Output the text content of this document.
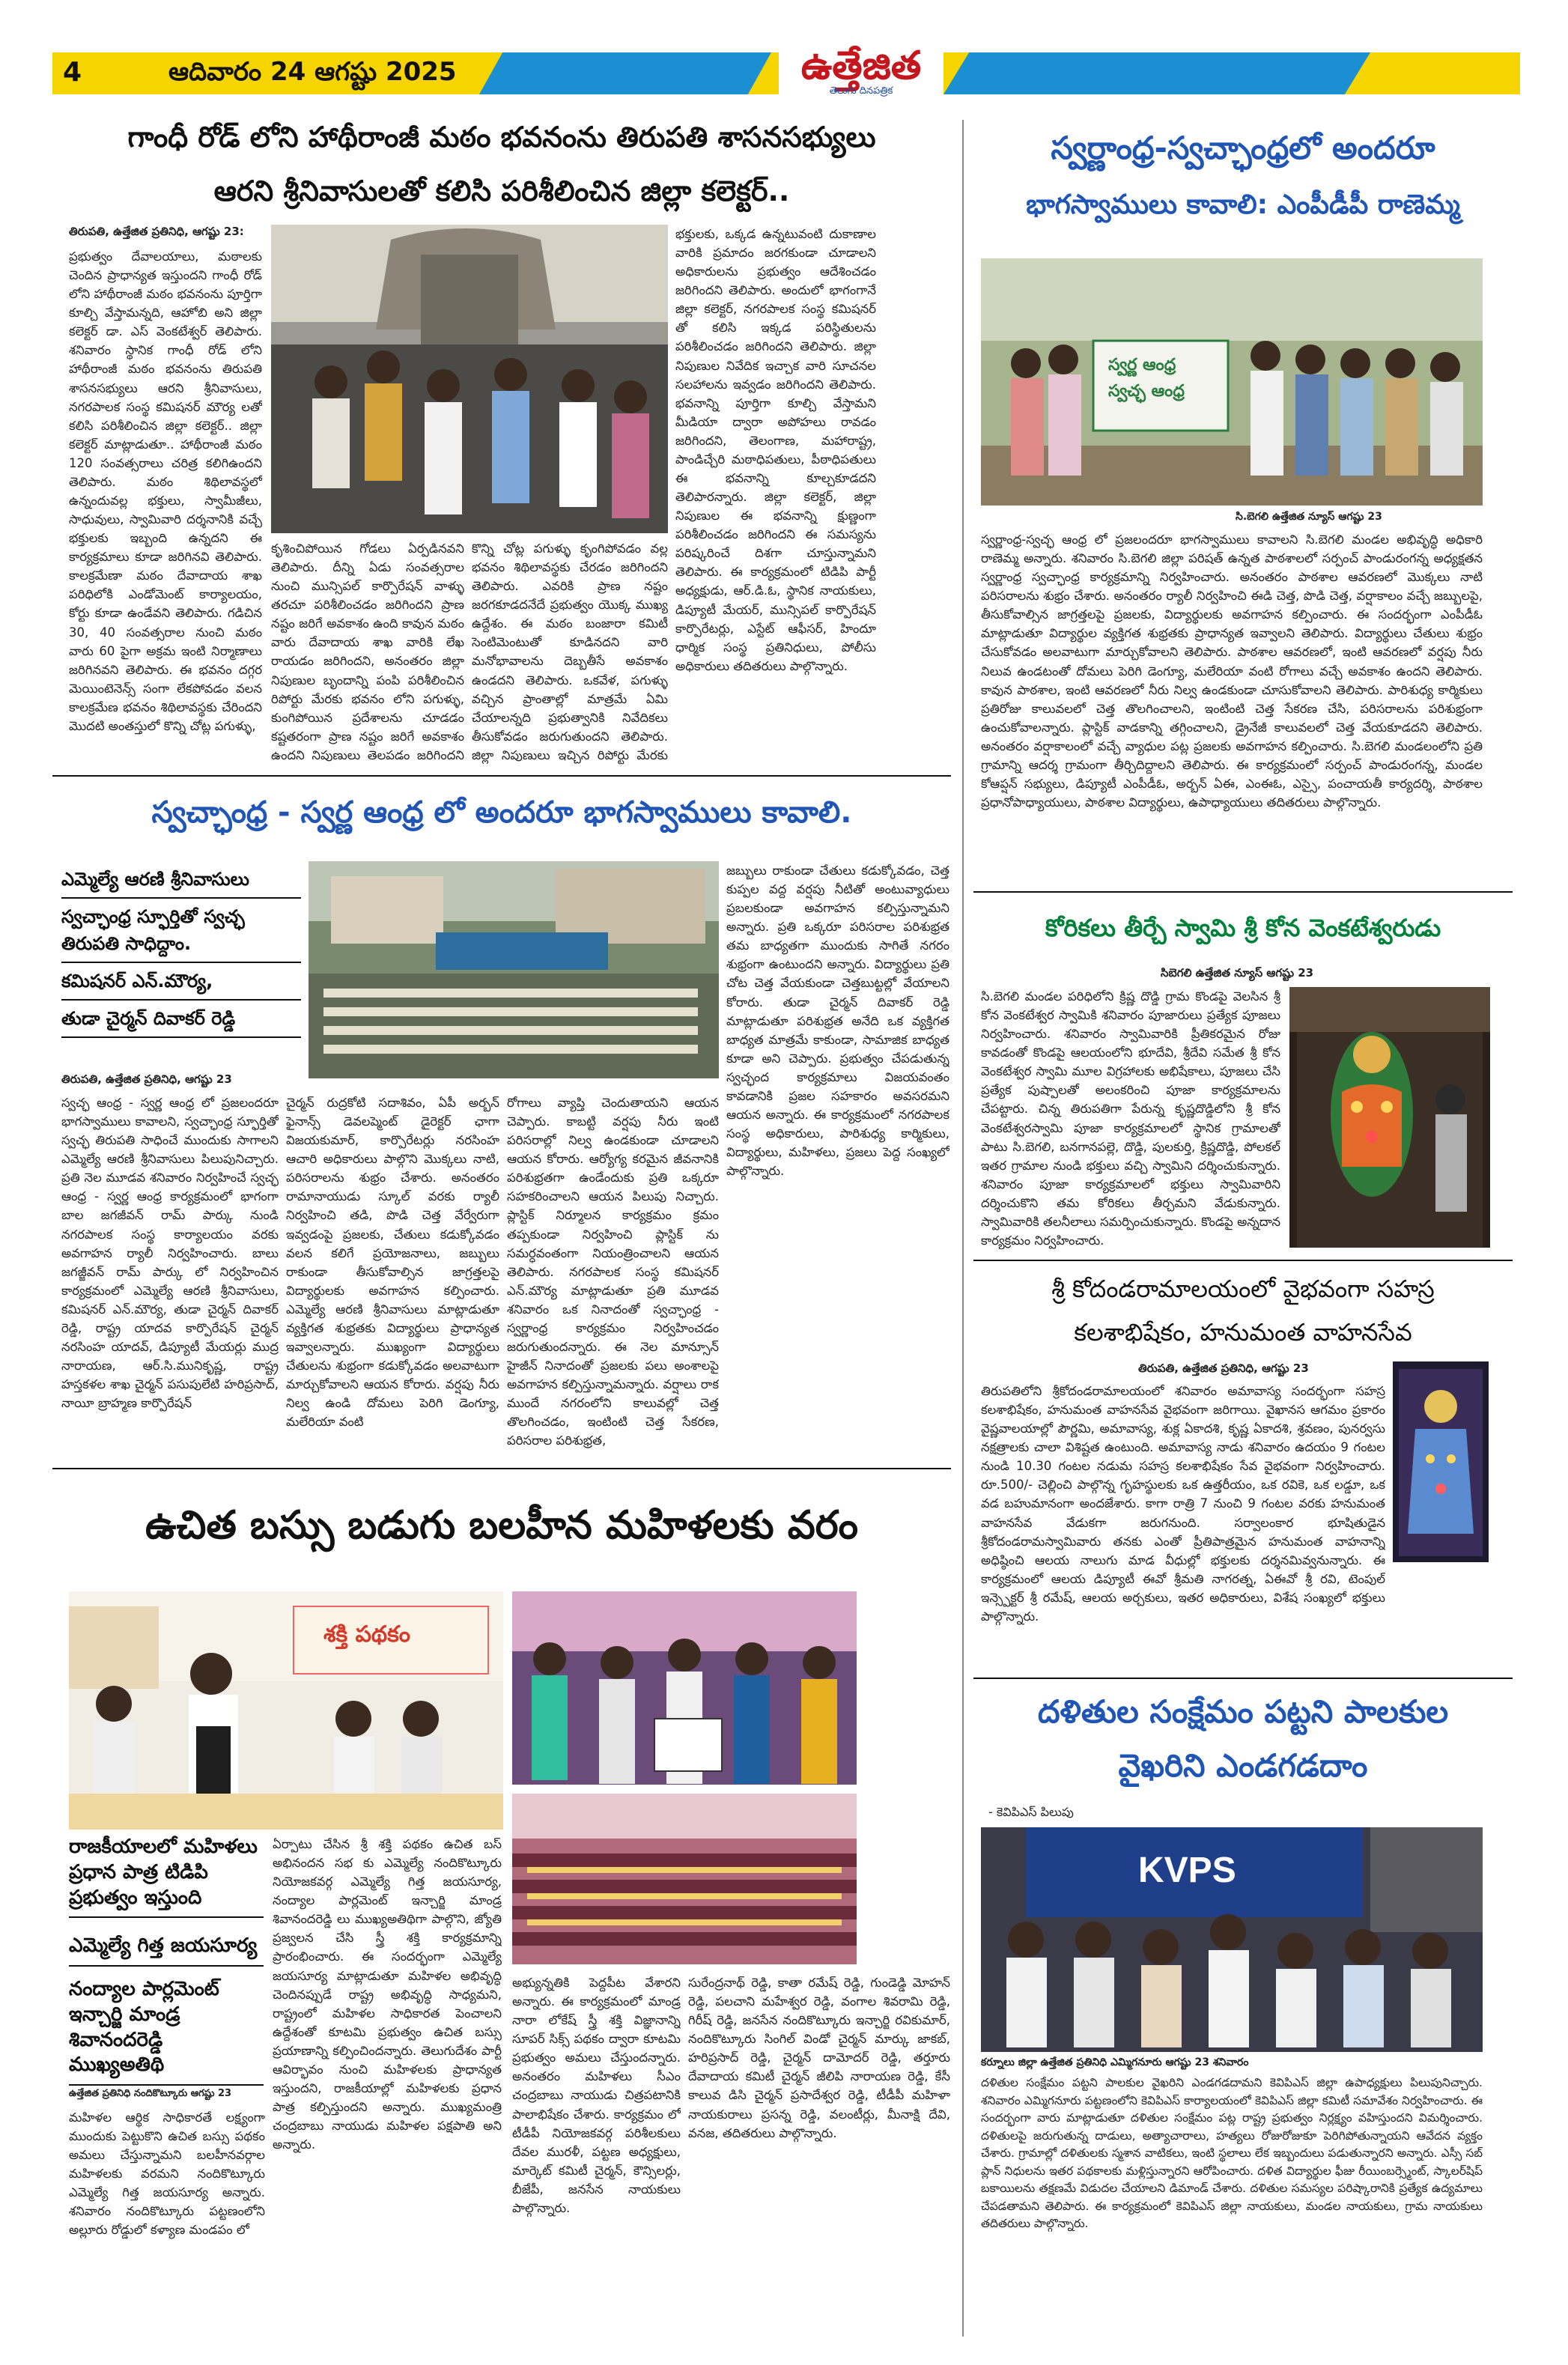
4	ఆదివారం 24 ఆగష్టు 2025	ఉత్తేజిత
తెలుగు దినపత్రిక
గాంధీ రోడ్ లోని హాథీరాంజీ మఠం భవనంను తిరుపతి శాసనసభ్యులు
ఆరని శ్రీనివాసులతో కలిసి పరిశీలించిన జిల్లా కలెక్టర్..
తిరుపతి, ఉత్తేజిత ప్రతినిధి, ఆగష్టు 23:
ప్రభుత్వం దేవాలయాలు, మఠాలకు చెందిన ప్రాధాన్యత ఇస్తుందని గాంధీ రోడ్ లోని హాథీరాంజీ మఠం భవనంను పూర్తిగా కూల్చి వేస్తామన్నది, ఆహోబి అని జిల్లా కలెక్టర్ డా. ఎస్ వెంకటేశ్వర్ తెలిపారు. శనివారం స్థానిక గాంధీ రోడ్ లోని హాథీరాంజీ మఠం భవనంను తిరుపతి శాసనసభ్యులు ఆరని శ్రీనివాసులు, నగరపాలక సంస్థ కమిషనర్ మౌర్య లతో కలిసి పరిశీలించిన జిల్లా కలెక్టర్.. జిల్లా కలెక్టర్ మాట్లాడుతూ.. హాథీరాంజీ మఠం 120 సంవత్సరాలు చరిత్ర కలిగిఉందని తెలిపారు. మఠం శిథిలావస్థలో ఉన్నందువల్ల భక్తులు, స్వామీజీలు, సాధువులు, స్వామివారి దర్శనానికి వచ్చే భక్తులకు ఇబ్బంది ఉన్నదని ఈ కార్యక్రమాలు కూడా జరిగినవి తెలిపారు. కాలక్రమేణా మఠం దేవాదాయ శాఖ పరిధిలోకి ఎండోమెంట్ కార్యాలయం, కోర్టు కూడా ఉండేవని తెలిపారు. గడిచిన 30, 40 సంవత్సరాల నుంచి మఠం వారు 60 పైగా అక్రమ ఇంటి నిర్మాణాలు జరిగినవని తెలిపారు. ఈ భవనం దగ్గర మెయింటెనెన్స్ సంగా లేకపోవడం వలన కాలక్రమేణ భవనం శిథిలావస్థకు చేరిందని మొదటి అంతస్తులో కొన్ని చోట్ల పగుళ్ళు,
కృశించిపోయిన గోడలు ఏర్పడినవని తెలిపారు. దీన్ని ఏడు సంవత్సరాల నుంచి మున్సిపల్ కార్పొరేషన్ వాళ్ళు తరచూ పరిశీలించడం జరిగిందని ప్రాణ నష్టం జరిగే అవకాశం ఉంది కావున మఠం వారు దేవాదాయ శాఖ వారికి లేఖ రాయడం జరిగిందని, అనంతరం జిల్లా నిపుణుల బృందాన్ని పంపి పరిశీలించిన రిపోర్టు మేరకు భవనం లోని పగుళ్ళు, కుంగిపోయిన ప్రదేశాలను చూడడం కష్టతరంగా ప్రాణ నష్టం జరిగే అవకాశం ఉందని నిపుణులు తెలపడం జరిగిందని
కొన్ని చోట్ల పగుళ్ళు కృంగిపోవడం వల్ల భవనం శిథిలావస్థకు చేరడం జరిగిందని తెలిపారు. ఎవరికి ప్రాణ నష్టం జరగకూడదనేదే ప్రభుత్వం యొక్క ముఖ్య ఉద్దేశం. ఈ మఠం బంజారా కమిటీ సెంటిమెంటుతో కూడినదని వారి మనోభావాలను దెబ్బతీసే అవకాశం ఉండదని తెలిపారు. ఒకవేళ, పగుళ్ళు వచ్చిన ప్రాంతాల్లో మాత్రమే ఏమి చేయాలన్నది ప్రభుత్వానికి నివేదికలు తీసుకోవడం జరుగుతుందని తెలిపారు. జిల్లా నిపుణులు ఇచ్చిన రిపోర్టు మేరకు
భక్తులకు, ఒక్కడ ఉన్నటువంటి దుకాణాల వారికి ప్రమాదం జరగకుండా చూడాలని అధికారులను ప్రభుత్వం ఆదేశించడం జరిగిందని తెలిపారు. అందులో భాగంగానే జిల్లా కలెక్టర్, నగరపాలక సంస్థ కమిషనర్ తో కలిసి ఇక్కడ పరిస్థితులను పరిశీలించడం జరిగిందని తెలిపారు. జిల్లా నిపుణుల నివేదిక ఇచ్చాక వారి సూచనల సలహాలను ఇవ్వడం జరిగిందని తెలిపారు. భవనాన్ని పూర్తిగా కూల్చి వేస్తామని మీడియా ద్వారా అపోహలు రావడం జరిగిందని, తెలంగాణ, మహారాష్ట్ర, పాండిచ్చేరి మఠాధిపతులు, పీఠాధిపతులు ఈ భవనాన్ని కూల్చకూడదని తెలిపారన్నారు. జిల్లా కలెక్టర్, జిల్లా నిపుణుల ఈ భవనాన్ని క్షుణ్ణంగా పరిశీలించడం జరిగిందని ఈ సమస్యను పరిష్కరించే దిశగా చూస్తున్నామని తెలిపారు. ఈ కార్యక్రమంలో టిడిపి పార్టీ అధ్యక్షుడు, ఆర్.డి.ఓ, స్థానిక నాయకులు, డిప్యూటీ మేయర్, మున్సిపల్ కార్పొరేషన్ కార్పొరేటర్లు, ఎస్టేట్ ఆఫీసర్, హిందూ ధార్మిక సంస్థ ప్రతినిధులు, పోలీసు అధికారులు తదితరులు పాల్గొన్నారు.
స్వర్ణాంధ్ర-స్వచ్ఛాంధ్రలో అందరూ
భాగస్వాములు కావాలి: ఎంపీడీపీ రాణెమ్మ
స్వర్ణ ఆంధ్ర
స్వచ్ఛ ఆంధ్ర
సి.బెగలి ఉత్తేజిత న్యూస్ ఆగష్టు 23
స్వర్ణాంధ్ర-స్వచ్ఛ ఆంధ్ర లో ప్రజలందరూ భాగస్వాములు కావాలని సి.బెగలి మండల అభివృద్ధి అధికారి రాణెమ్మ అన్నారు. శనివారం సి.బెగలి జిల్లా పరిషత్ ఉన్నత పాఠశాలలో సర్పంచ్ పాండురంగన్న అధ్యక్షతన స్వర్ణాంధ్ర స్వచ్ఛాంధ్ర కార్యక్రమాన్ని నిర్వహించారు. అనంతరం పాఠశాల ఆవరణలో మొక్కలు నాటి పరిసరాలను శుభ్రం చేశారు. అనంతరం ర్యాలీ నిర్వహించి ఈడి చెత్త, పొడి చెత్త, వర్షాకాలం వచ్చే జబ్బులపై, తీసుకోవాల్సిన జాగ్రత్తలపై ప్రజలకు, విద్యార్థులకు అవగాహన కల్పించారు. ఈ సందర్భంగా ఎంపీడీఓ మాట్లాడుతూ విద్యార్థుల వ్యక్తిగత శుభ్రతకు ప్రాధాన్యత ఇవ్వాలని తెలిపారు. విద్యార్థులు చేతులు శుభ్రం చేసుకోవడం అలవాటుగా మార్చుకోవాలని తెలిపారు. పాఠశాల ఆవరణలో, ఇంటి ఆవరణలో వర్షపు నీరు నిలువ ఉండటంతో దోమలు పెరిగి డెంగ్యూ, మలేరియా వంటి రోగాలు వచ్చే అవకాశం ఉందని తెలిపారు. కావున పాఠశాల, ఇంటి ఆవరణలో నీరు నిల్వ ఉండకుండా చూసుకోవాలని తెలిపారు. పారిశుధ్య కార్మికులు ప్రతిరోజు కాలువలలో చెత్త తొలగించాలని, ఇంటింటి చెత్త సేకరణ చేసి, పరిసరాలను పరిశుభ్రంగా ఉంచుకోవాలన్నారు. ప్లాస్టిక్ వాడకాన్ని తగ్గించాలని, డ్రైనేజీ కాలువలలో చెత్త వేయకూడదని తెలిపారు. అనంతరం వర్షాకాలంలో వచ్చే వ్యాధుల పట్ల ప్రజలకు అవగాహన కల్పించారు. సి.బెగలి మండలంలోని ప్రతి గ్రామాన్ని ఆదర్శ గ్రామంగా తీర్చిదిద్దాలని తెలిపారు. ఈ కార్యక్రమంలో సర్పంచ్ పాండురంగన్న, మండల కోఆప్షన్ సభ్యులు, డిప్యూటీ ఎంపీడీఓ, అర్బన్ ఏఈ, ఎంఈఓ, ఎస్సై, పంచాయతీ కార్యదర్శి, పాఠశాల ప్రధానోపాధ్యాయులు, పాఠశాల విద్యార్థులు, ఉపాధ్యాయులు తదితరులు పాల్గొన్నారు.
స్వచ్ఛాంధ్ర - స్వర్ణ ఆంధ్ర లో అందరూ భాగస్వాములు కావాలి.
ఎమ్మెల్యే ఆరణి శ్రీనివాసులు
స్వచ్ఛాంధ్ర స్ఫూర్తితో స్వచ్ఛ తిరుపతి సాధిద్దాం.
కమిషనర్ ఎన్.మౌర్య,
తుడా చైర్మన్ దివాకర్ రెడ్డి
తిరుపతి, ఉత్తేజిత ప్రతినిధి, ఆగష్టు 23
జబ్బులు రాకుండా చేతులు కడుక్కోవడం, చెత్త కుప్పల వద్ద వర్షపు నీటితో అంటువ్యాధులు ప్రబలకుండా అవగాహన కల్పిస్తున్నామని అన్నారు. ప్రతి ఒక్కరూ పరిసరాల పరిశుభ్రత తమ బాధ్యతగా ముందుకు సాగితే నగరం శుభ్రంగా ఉంటుందని అన్నారు. విద్యార్థులు ప్రతి చోట చెత్త వేయకుండా చెత్తబుట్టల్లో వేయాలని కోరారు. తుడా చైర్మన్ దివాకర్ రెడ్డి మాట్లాడుతూ పరిశుభ్రత అనేది ఒక వ్యక్తిగత బాధ్యత మాత్రమే కాకుండా, సామాజిక బాధ్యత కూడా అని చెప్పారు. ప్రభుత్వం చేపడుతున్న స్వచ్ఛంద కార్యక్రమాలు విజయవంతం కావడానికి ప్రజల సహకారం అవసరమని ఆయన అన్నారు. ఈ కార్యక్రమంలో నగరపాలక సంస్థ అధికారులు, పారిశుధ్య కార్మికులు, విద్యార్థులు, మహిళలు, ప్రజలు పెద్ద సంఖ్యలో పాల్గొన్నారు.
స్వచ్ఛ ఆంధ్ర - స్వర్ణ ఆంధ్ర లో ప్రజలందరూ భాగస్వాములు కావాలని, స్వచ్ఛాంధ్ర స్ఫూర్తితో స్వచ్ఛ తిరుపతి సాధించే ముందుకు సాగాలని ఎమ్మెల్యే ఆరణి శ్రీనివాసులు పిలుపునిచ్చారు. ప్రతి నెల మూడవ శనివారం నిర్వహించే స్వచ్ఛ ఆంధ్ర - స్వర్ణ ఆంధ్ర కార్యక్రమంలో భాగంగా బాల జగజీవన్ రామ్ పార్కు నుండి నగరపాలక సంస్థ కార్యాలయం వరకు అవగాహన ర్యాలీ నిర్వహించారు. బాలు జగజ్జీవన్ రామ్ పార్కు లో నిర్వహించిన కార్యక్రమంలో ఎమ్మెల్యే ఆరణి శ్రీనివాసులు, కమిషనర్ ఎన్.మౌర్య, తుడా చైర్మన్ దివాకర్ రెడ్డి, రాష్ట్ర యాదవ కార్పొరేషన్ చైర్మన్ నరసింహ యాదవ్, డిప్యూటీ మేయర్లు ముద్ర నారాయణ, ఆర్.సి.మునికృష్ణ, రాష్ట్ర హస్తకళల శాఖ చైర్మన్ పసుపులేటి హరిప్రసాద్, నాయీ బ్రాహ్మణ కార్పొరేషన్
చైర్మన్ రుద్రకోటి సదాశివం, ఏపీ అర్బన్ ఫైనాన్స్ డెవలప్మెంట్ డైరెక్టర్ ఛాగా విజయకుమార్, కార్పొరేటర్లు నరసింహ ఆచారి అధికారులు పాల్గొని మొక్కలు నాటి, పరిసరాలను శుభ్రం చేశారు. అనంతరం రామానాయుడు స్కూల్ వరకు ర్యాలీ నిర్వహించి తడి, పొడి చెత్త వేర్వేరుగా ఇవ్వడంపై ప్రజలకు, చేతులు కడుక్కోవడం వలన కలిగే ప్రయోజనాలు, జబ్బులు రాకుండా తీసుకోవాల్సిన జాగ్రత్తలపై విద్యార్థులకు అవగాహన కల్పించారు. ఎమ్మెల్యే ఆరణి శ్రీనివాసులు మాట్లాడుతూ వ్యక్తిగత శుభ్రతకు విద్యార్థులు ప్రాధాన్యత ఇవ్వాలన్నారు. ముఖ్యంగా విద్యార్థులు చేతులను శుభ్రంగా కడుక్కోవడం అలవాటుగా మార్చుకోవాలని ఆయన కోరారు. వర్షపు నీరు నిల్వ ఉండి దోమలు పెరిగి డెంగ్యూ, మలేరియా వంటి
రోగాలు వ్యాప్తి చెందుతాయని ఆయన చెప్పారు. కాబట్టి వర్షపు నీరు ఇంటి పరిసరాల్లో నిల్వ ఉండకుండా చూడాలని ఆయన కోరారు. ఆర్యోగ్య కరమైన జీవనానికి పరిశుభ్రతగా ఉండేందుకు ప్రతి ఒక్కరూ సహకరించాలని ఆయన పిలుపు నిచ్చారు. ప్లాస్టిక్ నిర్మూలన కార్యక్రమం క్రమం తప్పకుండా నిర్వహించి ప్లాస్టిక్ ను సమర్ధవంతంగా నియంత్రించాలని ఆయన తెలిపారు. నగరపాలక సంస్థ కమిషనర్ ఎన్.మౌర్య మాట్లాడుతూ ప్రతి మూడవ శనివారం ఒక నినాదంతో స్వచ్ఛాంధ్ర - స్వర్ణాంధ్ర కార్యక్రమం నిర్వహించడం జరుగుతుందన్నారు. ఈ నెల మాన్సూన్ హైజీన్ నినాదంతో ప్రజలకు పలు అంశాలపై అవగాహన కల్పిస్తున్నామన్నారు. వర్షాలు రాక ముందే నగరంలోని కాలువల్లో చెత్త తొలగించడం, ఇంటింటి చెత్త సేకరణ, పరిసరాల పరిశుభ్రత,
కోరికలు తీర్చే స్వామి శ్రీ కోన వెంకటేశ్వరుడు
సిబెగలి ఉత్తేజిత న్యూస్ ఆగష్టు 23
సి.బెగలి మండల పరిధిలోని క్రిష్ణ దొడ్డి గ్రామ కొండపై వెలసిన శ్రీ కోన వెంకటేశ్వర స్వామికి శనివారం పూజారులు ప్రత్యేక పూజలు నిర్వహించారు. శనివారం స్వామివారికి ప్రీతికరమైన రోజు కావడంతో కొండపై ఆలయంలోని భూదేవి, శ్రీదేవి సమేత శ్రీ కోన వెంకటేశ్వర స్వామి మూల విగ్రహాలకు అభిషేకాలు, పూజలు చేసి ప్రత్యేక పుష్పాలతో అలంకరించి పూజా కార్యక్రమాలను చేపట్టారు. చిన్న తిరుపతిగా పేరున్న కృష్ణదొడ్డిలోని శ్రీ కోన వెంకటేశ్వరస్వామి పూజా కార్యక్రమాలలో స్థానిక గ్రామాలతో పాటు సి.బెగలి, బనగానపల్లె, దొడ్డి, పులకుర్తి, క్రిష్ణదొడ్డి, పోలకల్ ఇతర గ్రామాల నుండి భక్తులు వచ్చి స్వామిని దర్శించుకున్నారు. శనివారం పూజా కార్యక్రమాలలో భక్తులు స్వామివారిని దర్శించుకొని తమ కోరికలు తీర్చమని వేడుకున్నారు. స్వామివారికి తలనీలాలు సమర్పించుకున్నారు. కొండపై అన్నదాన కార్యక్రమం నిర్వహించారు.
శ్రీ కోదండరామాలయంలో వైభవంగా సహస్ర
కలశాభిషేకం, హనుమంత వాహనసేవ
తిరుపతి, ఉత్తేజిత ప్రతినిధి, ఆగష్టు 23
తిరుపతిలోని శ్రీకోదండరామాలయంలో శనివారం అమావాస్య సందర్భంగా సహస్ర కలశాభిషేకం, హనుమంత వాహనసేవ వైభవంగా జరిగాయి. వైఖానస ఆగమం ప్రకారం వైష్ణవాలయాల్లో పౌర్ణమి, అమావాస్య, శుక్ల ఏకాదశి, కృష్ణ ఏకాదశి, శ్రవణం, పునర్వసు నక్షత్రాలకు చాలా విశిష్టత ఉంటుంది. అమావాస్య నాడు శనివారం ఉదయం 9 గంటల నుండి 10.30 గంటల నడుమ సహస్ర కలశాభిషేకం సేవ వైభవంగా నిర్వహించారు. రూ.500/- చెల్లించి పాల్గొన్న గృహస్థులకు ఒక ఉత్తరీయం, ఒక రవికె, ఒక లడ్డూ, ఒక వడ బహుమానంగా అందజేశారు. కాగా రాత్రి 7 నుంచి 9 గంటల వరకు హనుమంత వాహనసేవ వేడుకగా జరుగనుంది. సర్వాలంకార భూషితుడైన శ్రీకోదండరామస్వామివారు తనకు ఎంతో ప్రీతిపాత్రమైన హనుమంత వాహనాన్ని అధిష్ఠించి ఆలయ నాలుగు మాడ వీధుల్లో భక్తులకు దర్శనమివ్వనున్నారు. ఈ కార్యక్రమంలో ఆలయ డిప్యూటీ ఈవో శ్రీమతి నాగరత్న, ఏఈవో శ్రీ రవి, టెంపుల్ ఇన్స్పెక్టర్ శ్రీ రమేష్, ఆలయ అర్చకులు, ఇతర అధికారులు, విశేష సంఖ్యలో భక్తులు పాల్గొన్నారు.
ఉచిత బస్సు బడుగు బలహీన మహిళలకు వరం
శక్తి పథకం
రాజకీయాలలో మహిళలు ప్రధాన పాత్ర టిడిపి ప్రభుత్వం ఇస్తుంది
ఎమ్మెల్యే గిత్త జయసూర్య
నంద్యాల పార్లమెంట్ ఇన్చార్జి మాండ్ర శివానందరెడ్డి ముఖ్యఅతిథి
ఉత్తేజిత ప్రతినిధి నందికొట్కూరు ఆగష్టు 23
మహిళల ఆర్థిక సాధికారతే లక్ష్యంగా ముందుకు పెట్టుకొని ఉచిత బస్సు పథకం అమలు చేస్తున్నామని బలహీనవర్గాల మహిళలకు వరమని నందికొట్కూరు ఎమ్మెల్యే గిత్త జయసూర్య అన్నారు. శనివారం నందికొట్కూరు పట్టణంలోని అల్లూరు రోడ్డులో కళ్యాణ మండపం లో
ఏర్పాటు చేసిన శ్రీ శక్తి పథకం ఉచిత బస్ అభినందన సభ కు ఎమ్మెల్యే నందికొట్కూరు నియోజకవర్గ ఎమ్మెల్యే గిత్త జయసూర్య, నంద్యాల పార్లమెంట్ ఇన్చార్జి మాండ్ర శివానందరెడ్డి లు ముఖ్యఅతిథిగా పాల్గొని, జ్యోతి ప్రజ్వలన చేసి స్త్రీ శక్తి కార్యక్రమాన్ని ప్రారంభించారు. ఈ సందర్భంగా ఎమ్మెల్యే జయసూర్య మాట్లాడుతూ మహిళల అభివృద్ధి చెందినప్పుడే రాష్ట్ర అభివృద్ధి సాధ్యమని, రాష్ట్రంలో మహిళల సాధికారత పెంచాలని ఉద్దేశంతో కూటమి ప్రభుత్వం ఉచిత బస్సు ప్రయాణాన్ని కల్పించిందన్నారు. తెలుగుదేశం పార్టీ ఆవిర్భావం నుంచి మహిళలకు ప్రాధాన్యత ఇస్తుందని, రాజకీయాల్లో మహిళలకు ప్రధాన పాత్ర కల్పిస్తుందని అన్నారు. ముఖ్యమంత్రి చంద్రబాబు నాయుడు మహిళల పక్షపాతి అని అన్నారు.
అభ్యున్నతికి పెద్దపీట వేశారని అన్నారు. ఈ కార్యక్రమంలో మాండ్ర నారా లోకేష్ స్త్రీ శక్తి విజ్ఞానాన్ని సూపర్ సిక్స్ పథకం ద్వారా కూటమి ప్రభుత్వం అమలు చేస్తుందన్నారు. అనంతరం మహిళలు సీఎం చంద్రబాబు నాయుడు చిత్రపటానికి పాలాభిషేకం చేశారు. కార్యక్రమం లో టీడీపీ నియోజకవర్గ పరిశీలకులు దేవల మురళీ, పట్టణ అధ్యక్షులు, మార్కెట్ కమిటీ చైర్మన్, కౌన్సిలర్లు, బీజేపీ, జనసేన నాయకులు పాల్గొన్నారు.
సురేంద్రనాథ్ రెడ్డి, కాతా రమేష్ రెడ్డి, గుండెడ్డి మోహన్ రెడ్డి, పలచాని మహేశ్వర రెడ్డి, వంగాల శివరామి రెడ్డి, గిరీష్ రెడ్డి, జనసేన నందికొట్కూరు ఇన్చార్జి రవికుమార్, నందికొట్కూరు సింగిల్ విండో చైర్మన్ మార్కు జాకబ్, హరిప్రసాద్ రెడ్డి, చైర్మన్ దామోదర్ రెడ్డి, తర్తూరు దేవాదాయ కమిటీ చైర్మన్ జీలిపి నారాయణ రెడ్డి, కేసీ కాలువ డిసి చైర్మన్ ప్రసాదేశ్వర రెడ్డి, టీడీపీ మహిళా నాయకురాలు ప్రసన్న రెడ్డి, వలంటీర్లు, మీనాక్షి దేవి, వనజ, తదితరులు పాల్గొన్నారు.
దళితుల సంక్షేమం పట్టని పాలకుల
వైఖరిని ఎండగడదాం
- కెవిపిఎస్ పిలుపు
KVPS
కర్నూలు జిల్లా ఉత్తేజిత ప్రతినిధి ఎమ్మిగనూరు ఆగష్టు 23 శనివారం
దళితుల సంక్షేమం పట్టని పాలకుల వైఖరిని ఎండగడదామని కెవిపిఎస్ జిల్లా ఉపాధ్యక్షులు పిలుపునిచ్చారు. శనివారం ఎమ్మిగనూరు పట్టణంలోని కెవిపిఎస్ కార్యాలయంలో కెవిపిఎస్ జిల్లా కమిటీ సమావేశం నిర్వహించారు. ఈ సందర్భంగా వారు మాట్లాడుతూ దళితుల సంక్షేమం పట్ల రాష్ట్ర ప్రభుత్వం నిర్లక్ష్యం వహిస్తుందని విమర్శించారు. దళితులపై జరుగుతున్న దాడులు, అత్యాచారాలు, హత్యలు రోజురోజుకూ పెరిగిపోతున్నాయని ఆవేదన వ్యక్తం చేశారు. గ్రామాల్లో దళితులకు స్మశాన వాటికలు, ఇంటి స్థలాలు లేక ఇబ్బందులు పడుతున్నారని అన్నారు. ఎస్సీ సబ్ ప్లాన్ నిధులను ఇతర పథకాలకు మళ్లిస్తున్నారని ఆరోపించారు. దళిత విద్యార్థుల ఫీజు రీయింబర్స్మెంట్, స్కాలర్‌షిప్ బకాయిలను తక్షణమే విడుదల చేయాలని డిమాండ్ చేశారు. దళితుల సమస్యల పరిష్కారానికి ప్రత్యేక ఉద్యమాలు చేపడతామని తెలిపారు. ఈ కార్యక్రమంలో కెవిపిఎస్ జిల్లా నాయకులు, మండల నాయకులు, గ్రామ నాయకులు తదితరులు పాల్గొన్నారు.
